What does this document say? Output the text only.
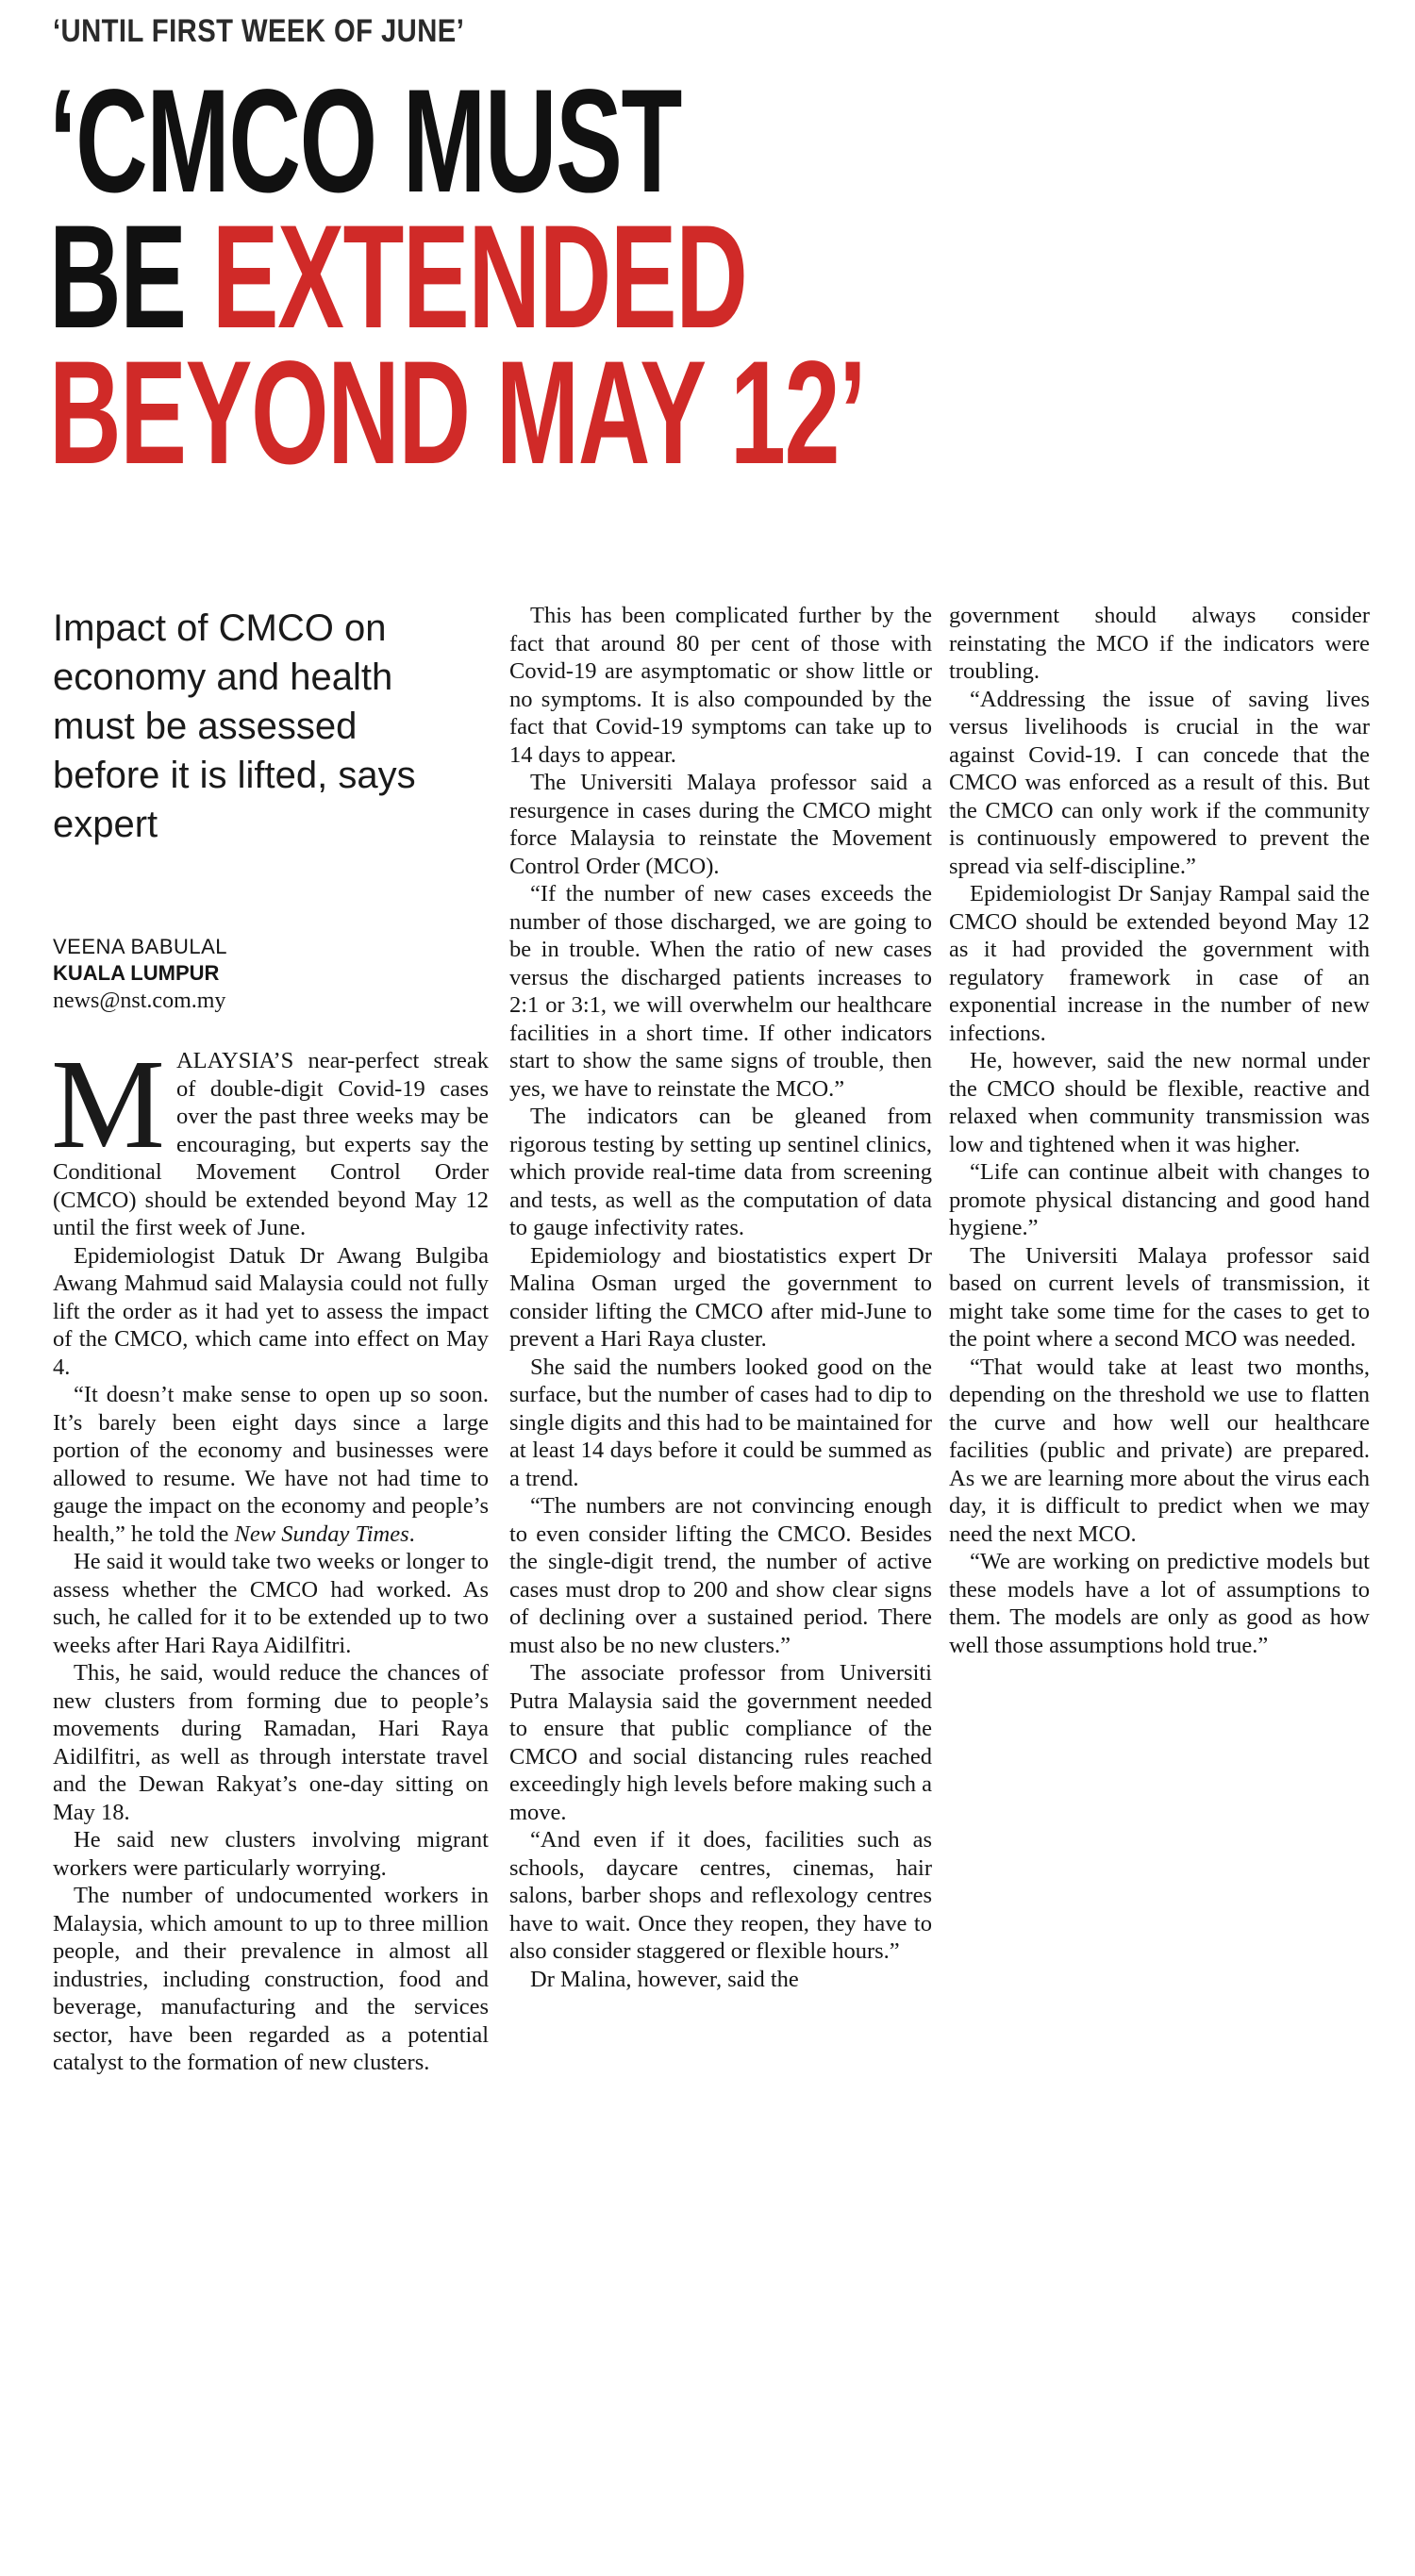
‘UNTIL FIRST WEEK OF JUNE’
‘CMCO MUST
BE EXTENDED
BEYOND MAY 12’
Impact of CMCO on economy and health must be assessed before it is lifted, says expert
VEENA BABULAL
KUALA LUMPUR
news@nst.com.my

MALAYSIA’S near-perfect streak of double-digit Covid-19 cases over the past three weeks may be encouraging, but experts say the Conditional Movement Control Order (CMCO) should be extended beyond May 12 until the first week of June.

Epidemiologist Datuk Dr Awang Bulgiba Awang Mahmud said Malaysia could not fully lift the order as it had yet to assess the impact of the CMCO, which came into effect on May 4.

“It doesn’t make sense to open up so soon. It’s barely been eight days since a large portion of the economy and businesses were allowed to resume. We have not had time to gauge the impact on the economy and people’s health,” he told the New Sunday Times.

He said it would take two weeks or longer to assess whether the CMCO had worked. As such, he called for it to be extended up to two weeks after Hari Raya Aidilfitri.

This, he said, would reduce the chances of new clusters from forming due to people’s movements during Ramadan, Hari Raya Aidilfitri, as well as through interstate travel and the Dewan Rakyat’s one-day sitting on May 18.

He said new clusters involving migrant workers were particularly worrying.

The number of undocumented workers in Malaysia, which amount to up to three million people, and their prevalence in almost all industries, including construction, food and beverage, manufacturing and the services sector, have been regarded as a potential catalyst to the formation of new clusters.

This has been complicated further by the fact that around 80 per cent of those with Covid-19 are asymptomatic or show little or no symptoms. It is also compounded by the fact that Covid-19 symptoms can take up to 14 days to appear.

The Universiti Malaya professor said a resurgence in cases during the CMCO might force Malaysia to reinstate the Movement Control Order (MCO).

“If the number of new cases exceeds the number of those discharged, we are going to be in trouble. When the ratio of new cases versus the discharged patients increases to 2:1 or 3:1, we will overwhelm our healthcare facilities in a short time. If other indicators start to show the same signs of trouble, then yes, we have to reinstate the MCO.”

The indicators can be gleaned from rigorous testing by setting up sentinel clinics, which provide real-time data from screening and tests, as well as the computation of data to gauge infectivity rates.

Epidemiology and biostatistics expert Dr Malina Osman urged the government to consider lifting the CMCO after mid-June to prevent a Hari Raya cluster.

She said the numbers looked good on the surface, but the number of cases had to dip to single digits and this had to be maintained for at least 14 days before it could be summed as a trend.

“The numbers are not convincing enough to even consider lifting the CMCO. Besides the single-digit trend, the number of active cases must drop to 200 and show clear signs of declining over a sustained period. There must also be no new clusters.”

The associate professor from Universiti Putra Malaysia said the government needed to ensure that public compliance of the CMCO and social distancing rules reached exceedingly high levels before making such a move.

“And even if it does, facilities such as schools, daycare centres, cinemas, hair salons, barber shops and reflexology centres have to wait. Once they reopen, they have to also consider staggered or flexible hours.”

Dr Malina, however, said the

government should always consider reinstating the MCO if the indicators were troubling.

“Addressing the issue of saving lives versus livelihoods is crucial in the war against Covid-19. I can concede that the CMCO was enforced as a result of this. But the CMCO can only work if the community is continuously empowered to prevent the spread via self-discipline.”

Epidemiologist Dr Sanjay Rampal said the CMCO should be extended beyond May 12 as it had provided the government with regulatory framework in case of an exponential increase in the number of new infections.

He, however, said the new normal under the CMCO should be flexible, reactive and relaxed when community transmission was low and tightened when it was higher.

“Life can continue albeit with changes to promote physical distancing and good hand hygiene.”

The Universiti Malaya professor said based on current levels of transmission, it might take some time for the cases to get to the point where a second MCO was needed.

“That would take at least two months, depending on the threshold we use to flatten the curve and how well our healthcare facilities (public and private) are prepared. As we are learning more about the virus each day, it is difficult to predict when we may need the next MCO.

“We are working on predictive models but these models have a lot of assumptions to them. The models are only as good as how well those assumptions hold true.”
